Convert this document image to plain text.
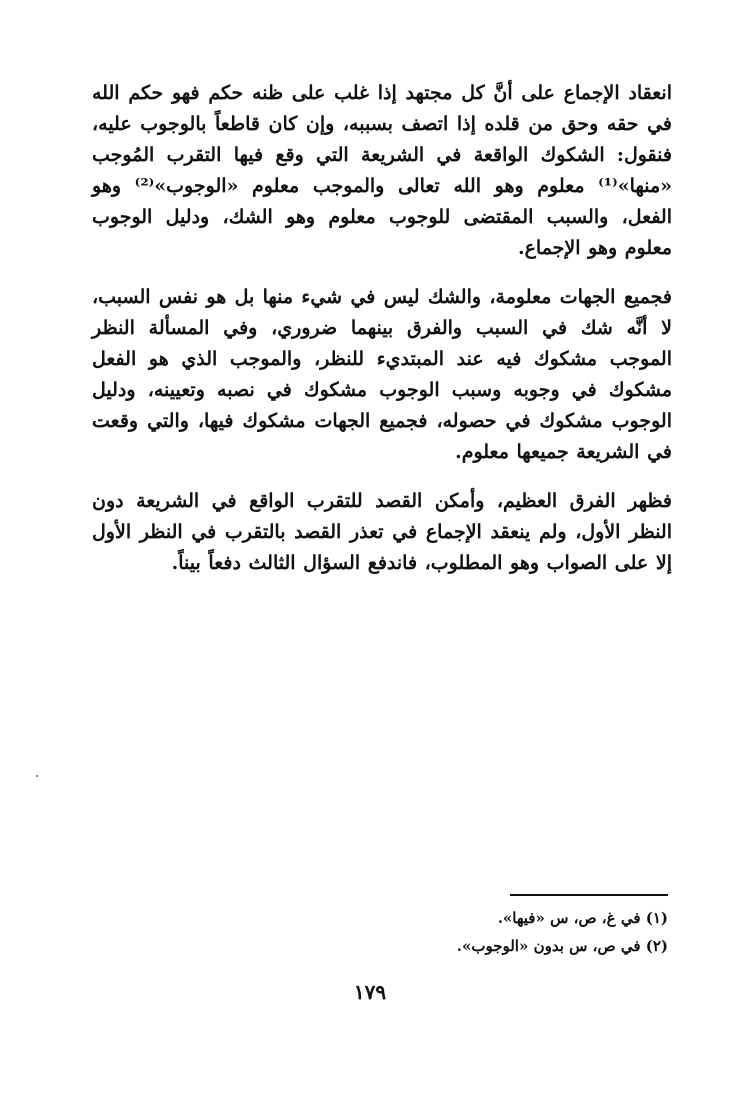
انعقاد الإجماع على أنَّ كل مجتهد إذا غلب على ظنه حكم فهو حكم الله في حقه وحق من قلده إذا اتصف بسببه، وإن كان قاطعاً بالوجوب عليه، فنقول: الشكوك الواقعة في الشريعة التي وقع فيها التقرب المُوجب «منها»⁽¹⁾ معلوم وهو الله تعالى والموجب معلوم «الوجوب»⁽²⁾ وهو الفعل، والسبب المقتضى للوجوب معلوم وهو الشك، ودليل الوجوب معلوم وهو الإجماع.

فجميع الجهات معلومة، والشك ليس في شيء منها بل هو نفس السبب، لا أنَّه شك في السبب والفرق بينهما ضروري، وفي المسألة النظر الموجب مشكوك فيه عند المبتديء للنظر، والموجب الذي هو الفعل مشكوك في وجوبه وسبب الوجوب مشكوك في نصبه وتعيينه، ودليل الوجوب مشكوك في حصوله، فجميع الجهات مشكوك فيها، والتي وقعت في الشريعة جميعها معلوم.

فظهر الفرق العظيم، وأمكن القصد للتقرب الواقع في الشريعة دون النظر الأول، ولم ينعقد الإجماع في تعذر القصد بالتقرب في النظر الأول إلا على الصواب وهو المطلوب، فاندفع السؤال الثالث دفعاً بيناً.

(١) في غ، ص، س «فيها».

(٢) في ص، س بدون «الوجوب».

١٧٩
